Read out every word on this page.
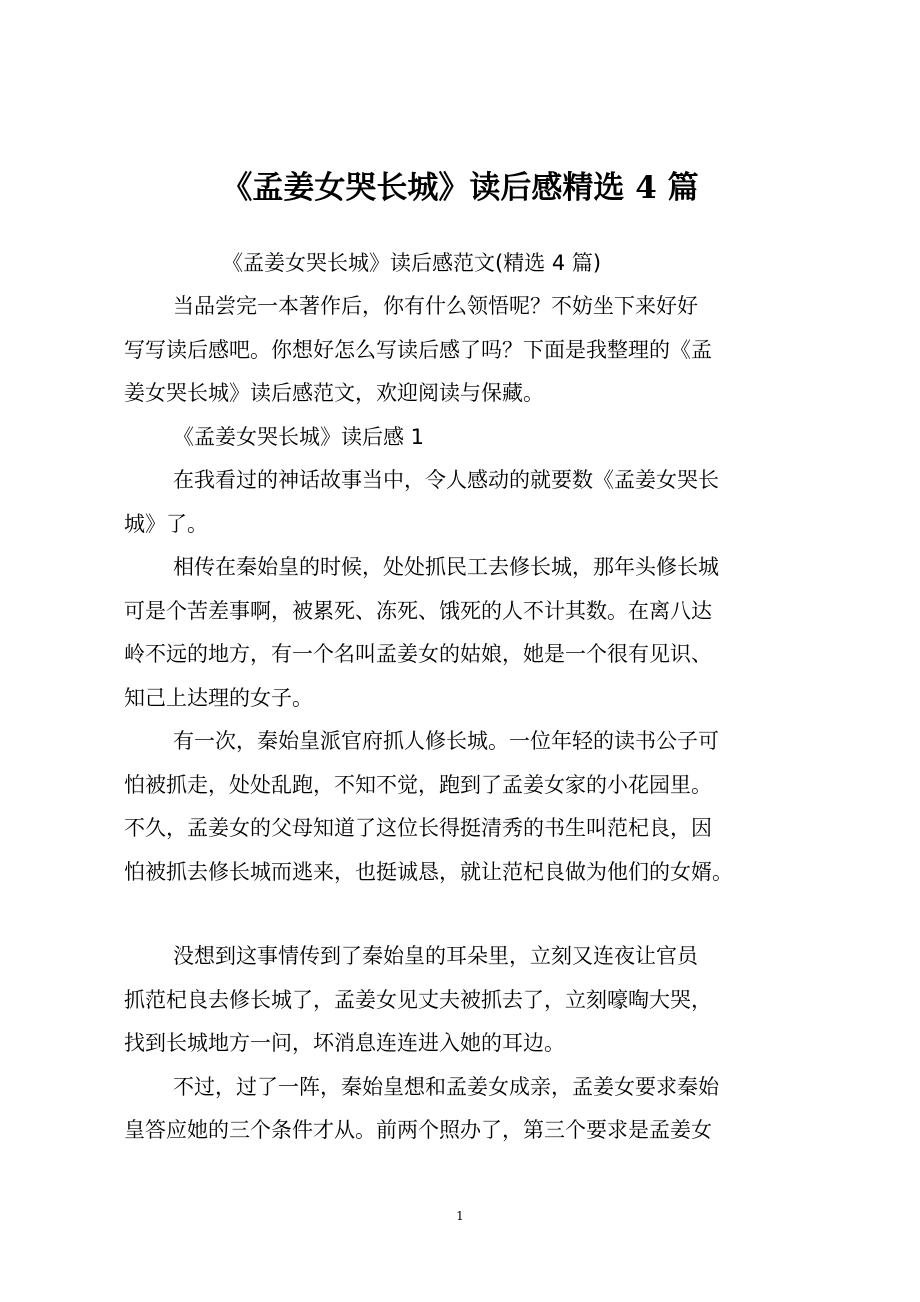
《孟姜女哭长城》读后感精选 4 篇
《孟姜女哭长城》读后感范文(精选 4 篇)
当品尝完一本著作后，你有什么领悟呢？不妨坐下来好好
写写读后感吧。你想好怎么写读后感了吗？下面是我整理的《孟
姜女哭长城》读后感范文，欢迎阅读与保藏。
《孟姜女哭长城》读后感 1
在我看过的神话故事当中，令人感动的就要数《孟姜女哭长
城》了。
相传在秦始皇的时候，处处抓民工去修长城，那年头修长城
可是个苦差事啊，被累死、冻死、饿死的人不计其数。在离八达
岭不远的地方，有一个名叫孟姜女的姑娘，她是一个很有见识、
知己上达理的女子。
有一次，秦始皇派官府抓人修长城。一位年轻的读书公子可
怕被抓走，处处乱跑，不知不觉，跑到了孟姜女家的小花园里。
不久，孟姜女的父母知道了这位长得挺清秀的书生叫范杞良，因
怕被抓去修长城而逃来，也挺诚恳，就让范杞良做为他们的女婿。
没想到这事情传到了秦始皇的耳朵里，立刻又连夜让官员
抓范杞良去修长城了，孟姜女见丈夫被抓去了，立刻嚎啕大哭，
找到长城地方一问，坏消息连连进入她的耳边。
不过，过了一阵，秦始皇想和孟姜女成亲，孟姜女要求秦始
皇答应她的三个条件才从。前两个照办了，第三个要求是孟姜女
1
